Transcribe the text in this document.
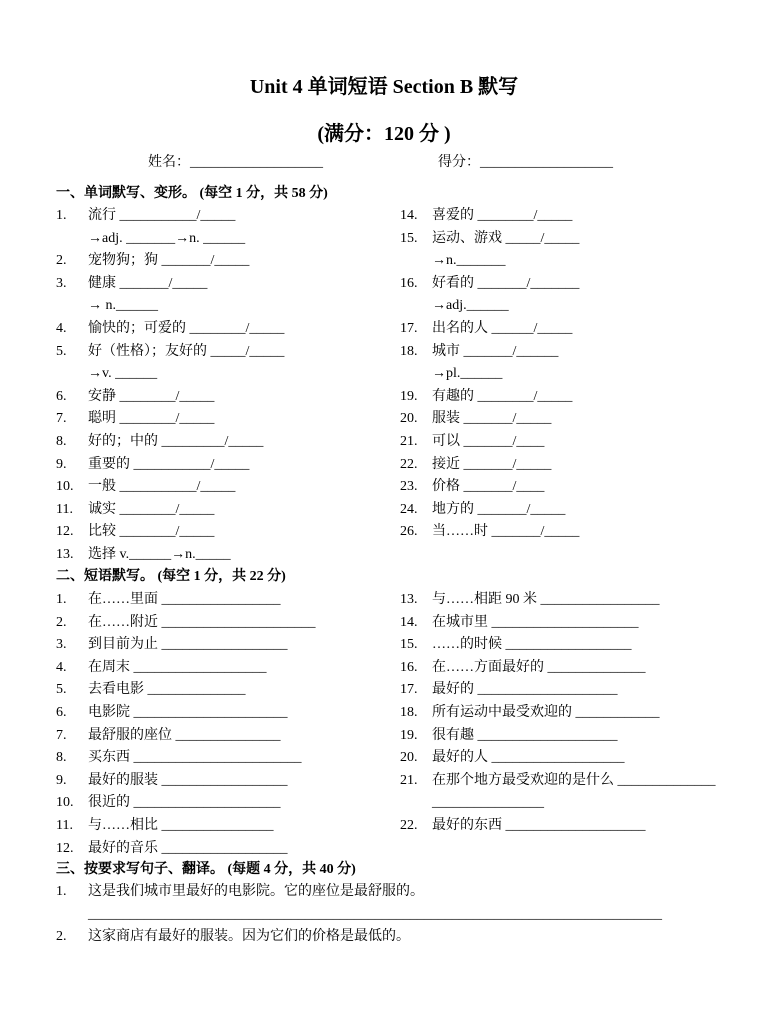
Unit 4 单词短语 Section B 默写
(满分：120 分 )
姓名：___________________	得分：___________________
一、单词默写、变形。 (每空 1 分，共 58 分)
1. 流行 ___________/_____
→adj. _______→n. ______
2. 宠物狗；狗 _______/_____
3. 健康 _______/_____
→ n.______
4. 愉快的；可爱的 ________/_____
5. 好（性格）；友好的 _____/_____
→v. ______
6. 安静 ________/_____
7. 聪明 ________/_____
8. 好的；中的 _________/_____
9. 重要的 ___________/_____
10. 一般 ___________/_____
11. 诚实 ________/_____
12. 比较 ________/_____
13. 选择 v.______→n._____
14. 喜爱的 ________/_____
15. 运动、游戏 _____/_____
→n._______
16. 好看的 _______/_______
→adj.______
17. 出名的人 ______/_____
18. 城市 _______/______
→pl.______
19. 有趣的 ________/_____
20. 服装 _______/_____
21. 可以 _______/____
22. 接近 _______/_____
23. 价格 _______/____
24. 地方的 _______/_____
26. 当……时 _______/_____
二、短语默写。 (每空 1 分，共 22 分)
1. 在……里面 _________________
2. 在……附近 ______________________
3. 到目前为止 __________________
4. 在周末 ___________________
5. 去看电影 ______________
6. 电影院 ______________________
7. 最舒服的座位 _______________
8. 买东西 ________________________
9. 最好的服装 __________________
10. 很近的 _____________________
11. 与……相比 ________________
12. 最好的音乐 __________________
13. 与……相距 90 米 _________________
14. 在城市里 _____________________
15. ……的时候 __________________
16. 在……方面最好的 ______________
17. 最好的 ____________________
18. 所有运动中最受欢迎的 ____________
19. 很有趣 ____________________
20. 最好的人 ___________________
21. 在那个地方最受欢迎的是什么 ______________
________________
22. 最好的东西 ____________________
三、按要求写句子、翻译。 (每题 4 分，共 40 分)
1. 这是我们城市里最好的电影院。它的座位是最舒服的。
__________________________________________________________________________________
2. 这家商店有最好的服装。因为它们的价格是最低的。
